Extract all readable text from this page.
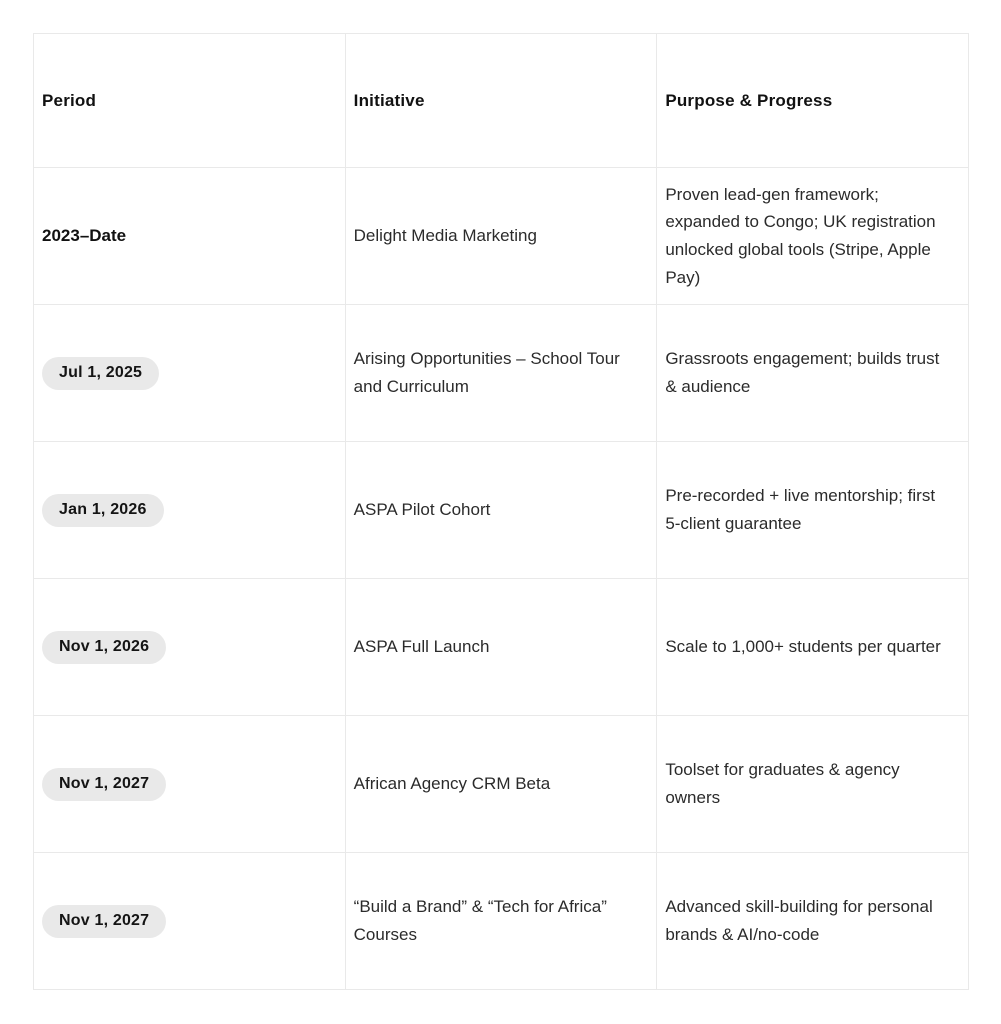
Period	Initiative	Purpose & Progress
2023–Date	Delight Media Marketing	Proven lead-gen framework; expanded to Congo; UK registration unlocked global tools (Stripe, Apple Pay)
Jul 1, 2025	Arising Opportunities – School Tour and Curriculum	Grassroots engagement; builds trust & audience
Jan 1, 2026	ASPA Pilot Cohort	Pre-recorded + live mentorship; first 5-client guarantee
Nov 1, 2026	ASPA Full Launch	Scale to 1,000+ students per quarter
Nov 1, 2027	African Agency CRM Beta	Toolset for graduates & agency owners
Nov 1, 2027	“Build a Brand” & “Tech for Africa” Courses	Advanced skill-building for personal brands & AI/no-code
